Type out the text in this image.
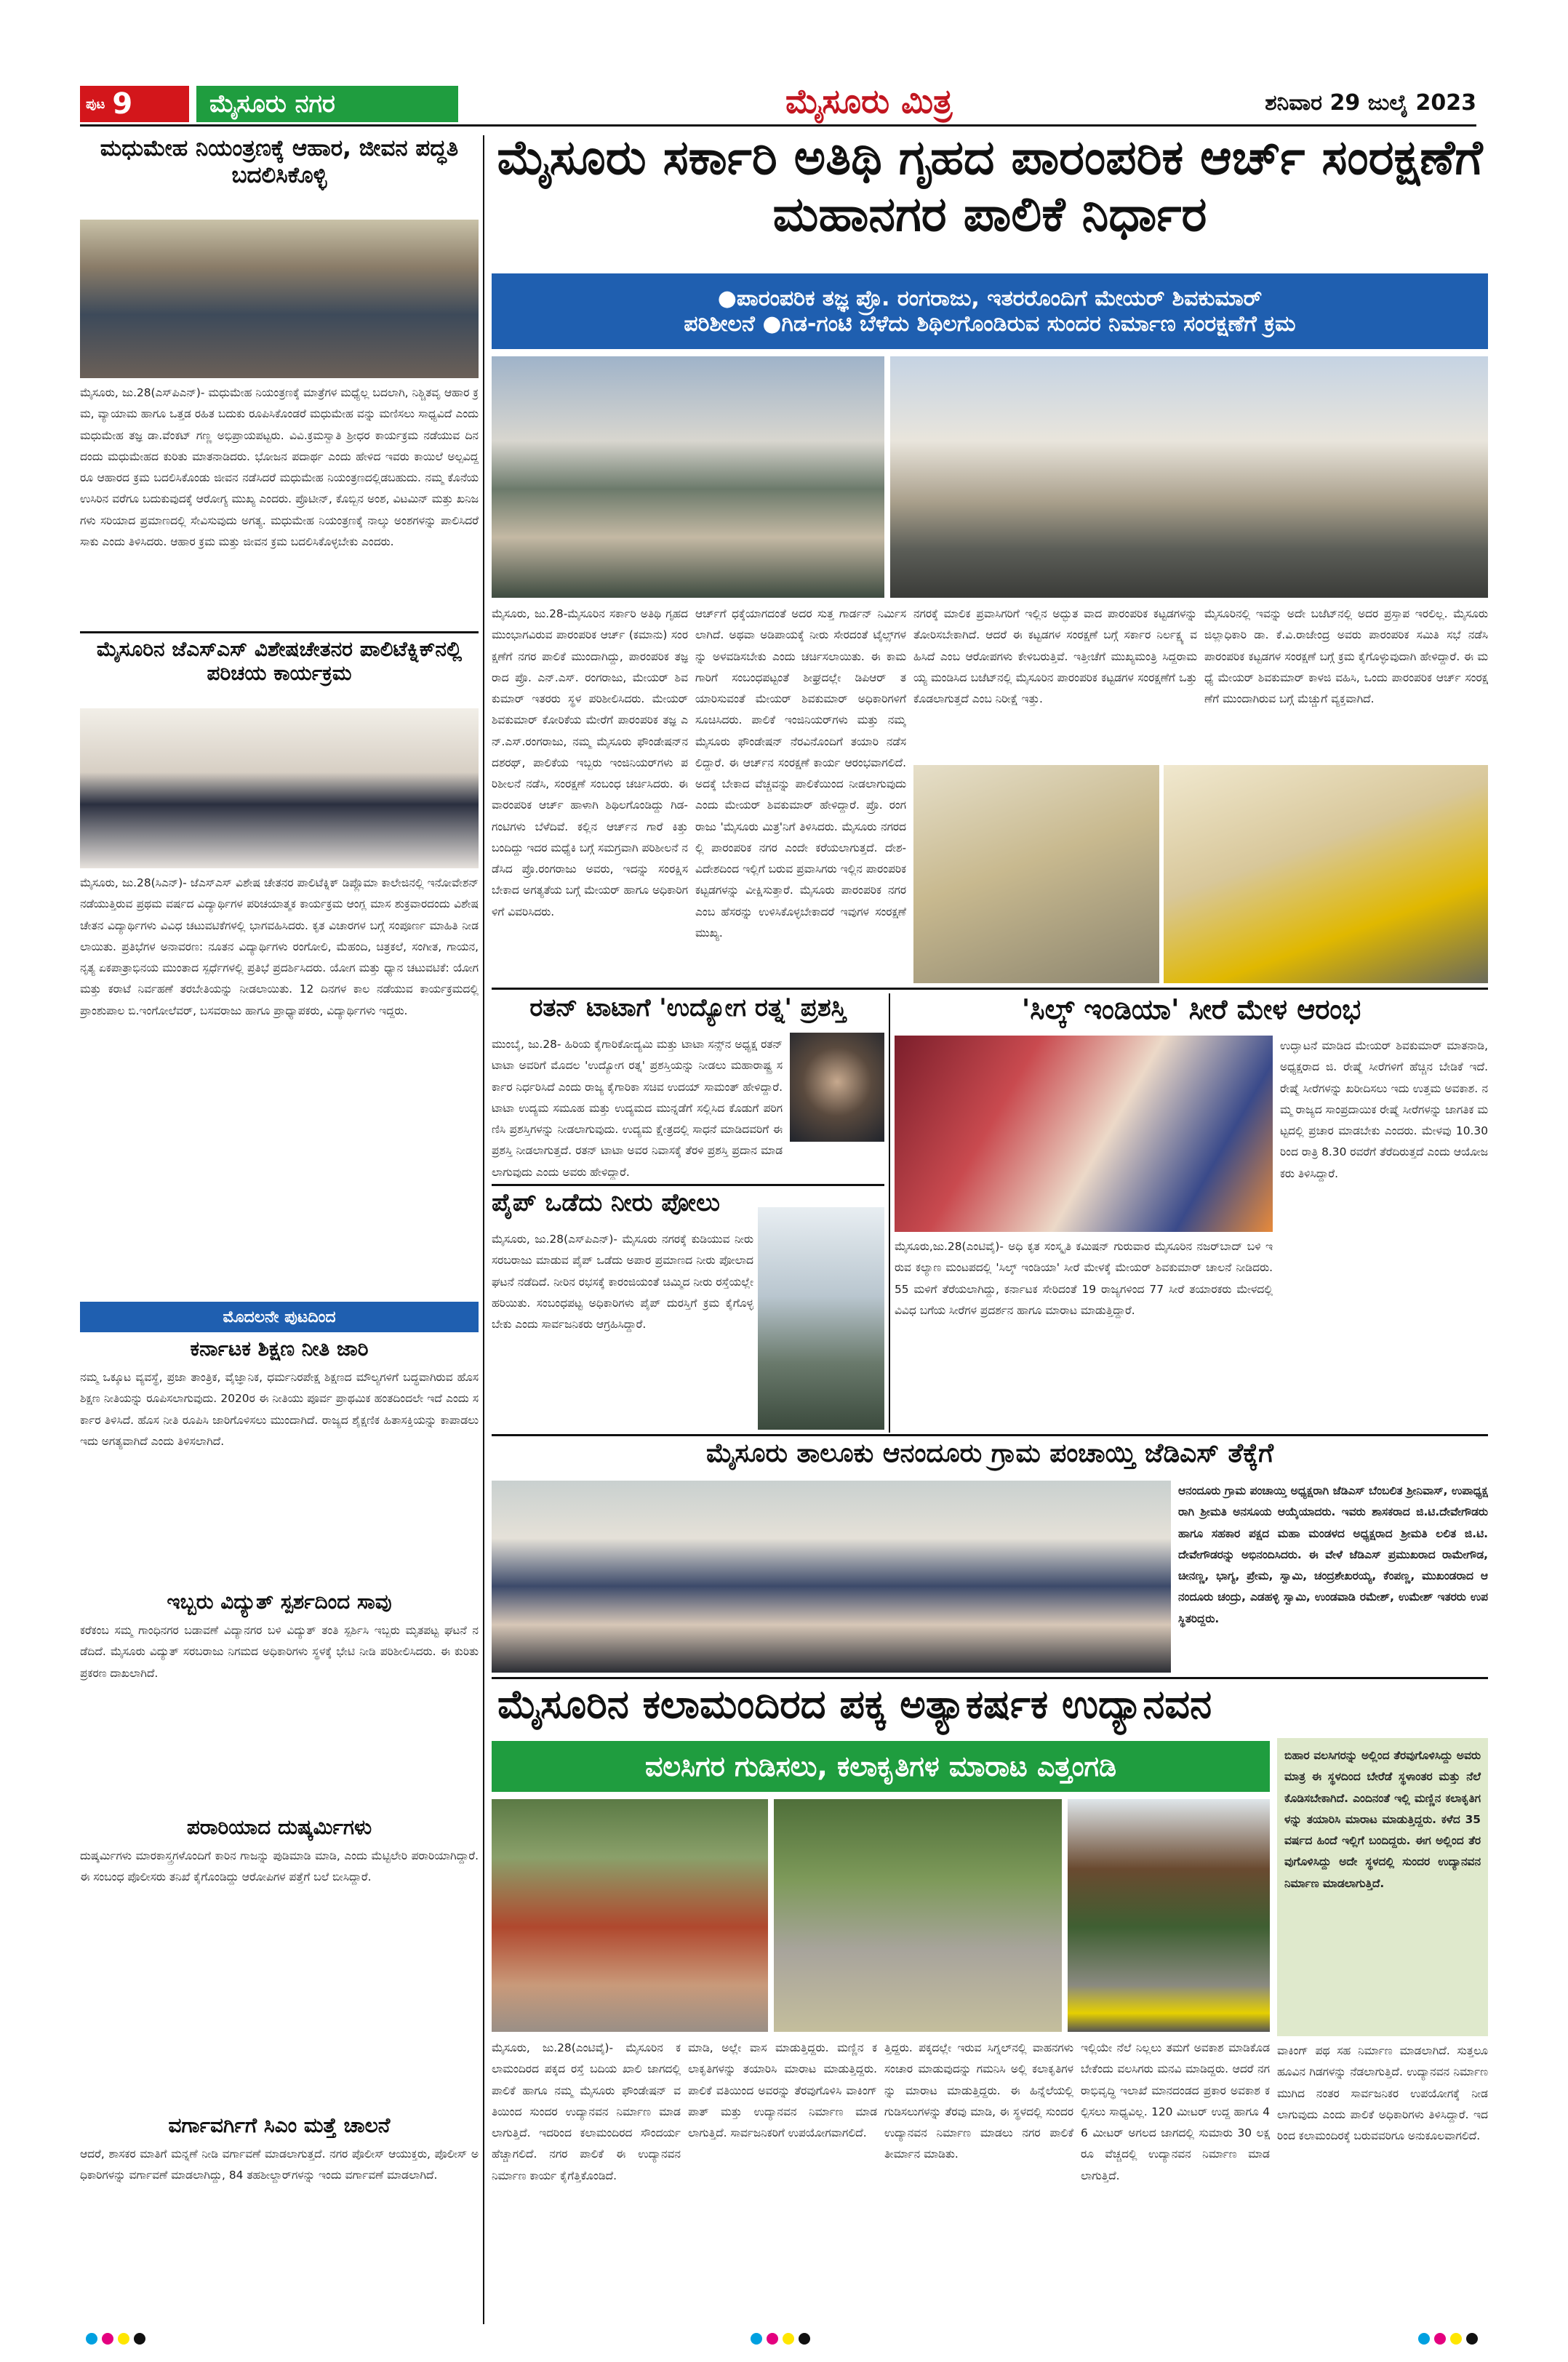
ಪುಟ 9	ಮೈಸೂರು ನಗರ	ಮೈಸೂರು ಮಿತ್ರ	ಶನಿವಾರ 29 ಜುಲೈ 2023
ಮಧುಮೇಹ ನಿಯಂತ್ರಣಕ್ಕೆ ಆಹಾರ, ಜೀವನ ಪದ್ಧತಿ ಬದಲಿಸಿಕೊಳ್ಳಿ
ಮೈಸೂರು, ಜು.28(ಎಸ್‌ಪಿಎನ್)- ಮಧುಮೇಹ ನಿಯಂತ್ರಣಕ್ಕೆ ಮಾತ್ರೆಗಳ ಮಧ್ಯೆಲ್ಲ ಬದಲಾಗಿ, ನಿಶ್ಚಿತವೃ ಆಹಾರ ಕ್ರಮ, ವ್ಯಾಯಾಮ ಹಾಗೂ ಒತ್ತಡ ರಹಿತ ಬದುಕು ರೂಪಿಸಿಕೊಂಡರೆ ಮಧುಮೇಹ ವನ್ನು ಮಣಿಸಲು ಸಾಧ್ಯವಿದೆ ಎಂದು ಮಧುಮೇಹ ತಜ್ಞ ಡಾ.ವೆಂಕಟ್ ಗಣ್ಣ ಅಭಿಪ್ರಾಯಪಟ್ಟರು. ವಿವಿ.ಕ್ರಮಸ್ವಾತಿ ಶ್ರೀಧರ ಕಾರ್ಯಕ್ರಮ ನಡೆಯುವ ದಿನದಂದು ಮಧುಮೇಹದ ಕುರಿತು ಮಾತನಾಡಿದರು. ಭೋಜನ ಪದಾರ್ಥ ಎಂದು ಹೇಳಿದ ಇವರು ಕಾಯಿಲೆ ಅಲ್ಪವಿದ್ದರೂ ಆಹಾರದ ಕ್ರಮ ಬದಲಿಸಿಕೊಂಡು ಜೀವನ ನಡೆಸಿದರೆ ಮಧುಮೇಹ ನಿಯಂತ್ರಣದಲ್ಲಿಡಬಹುದು. ನಮ್ಮ ಕೊನೆಯ ಉಸಿರಿನ ವರೆಗೂ ಬದುಕುವುದಕ್ಕೆ ಆರೋಗ್ಯ ಮುಖ್ಯ ಎಂದರು. ಪ್ರೊಟೀನ್, ಕೊಬ್ಬಿನ ಅಂಶ, ವಿಟಮಿನ್ ಮತ್ತು ಖನಿಜಗಳು ಸರಿಯಾದ ಪ್ರಮಾಣದಲ್ಲಿ ಸೇವಿಸುವುದು ಅಗತ್ಯ. ಮಧುಮೇಹ ನಿಯಂತ್ರಣಕ್ಕೆ ನಾಲ್ಕು ಅಂಶಗಳನ್ನು ಪಾಲಿಸಿದರೆ ಸಾಕು ಎಂದು ತಿಳಿಸಿದರು. ಆಹಾರ ಕ್ರಮ ಮತ್ತು ಜೀವನ ಕ್ರಮ ಬದಲಿಸಿಕೊಳ್ಳಬೇಕು ಎಂದರು.
ಮೈಸೂರಿನ ಜೆಎಸ್‌ಎಸ್ ವಿಶೇಷಚೇತನರ ಪಾಲಿಟೆಕ್ನಿಕ್‌ನಲ್ಲಿ ಪರಿಚಯ ಕಾರ್ಯಕ್ರಮ
ಮೈಸೂರು, ಜು.28(ಸಿಎನ್)- ಜೆಎಸ್‌ಎಸ್ ವಿಶೇಷ ಚೇತನರ ಪಾಲಿಟೆಕ್ನಿಕ್ ಡಿಪ್ಲೊಮಾ ಕಾಲೇಜಿನಲ್ಲಿ ಇನೋವೇಶನ್ ನಡೆಯುತ್ತಿರುವ ಪ್ರಥಮ ವರ್ಷದ ವಿದ್ಯಾರ್ಥಿಗಳ ಪರಿಚಯಾತ್ಮಕ ಕಾರ್ಯಕ್ರಮ ಆಂಗ್ಲ ಮಾಸ ಶುಕ್ರವಾರದಂದು ವಿಶೇಷ ಚೇತನ ವಿದ್ಯಾರ್ಥಿಗಳು ವಿವಿಧ ಚಟುವಟಿಕೆಗಳಲ್ಲಿ ಭಾಗವಹಿಸಿದರು. ಕೃತ ವಿಚಾರಗಳ ಬಗ್ಗೆ ಸಂಪೂರ್ಣ ಮಾಹಿತಿ ನೀಡಲಾಯಿತು. ಪ್ರತಿಭೆಗಳ ಅನಾವರಣ: ನೂತನ ವಿದ್ಯಾರ್ಥಿಗಳು ರಂಗೋಲಿ, ಮೆಹಂದಿ, ಚಿತ್ರಕಲೆ, ಸಂಗೀತ, ಗಾಯನ, ನೃತ್ಯ ಏಕಪಾತ್ರಾಭಿನಯ ಮುಂತಾದ ಸ್ಪರ್ಧೆಗಳಲ್ಲಿ ಪ್ರತಿಭೆ ಪ್ರದರ್ಶಿಸಿದರು. ಯೋಗ ಮತ್ತು ಧ್ಯಾನ ಚಟುವಟಿಕೆ: ಯೋಗ ಮತ್ತು ಕರಾಟೆ ನಿರ್ವಹಣೆ ತರಬೇತಿಯನ್ನು ನೀಡಲಾಯಿತು. 12 ದಿನಗಳ ಕಾಲ ನಡೆಯುವ ಕಾರ್ಯಕ್ರಮದಲ್ಲಿ ಪ್ರಾಂಶುಪಾಲ ಬಿ.ಇಂಗೋಲೆವರ್, ಬಸವರಾಜು ಹಾಗೂ ಪ್ರಾಧ್ಯಾಪಕರು, ವಿದ್ಯಾರ್ಥಿಗಳು ಇದ್ದರು.
ಮೊದಲನೇ ಪುಟದಿಂದ
ಕರ್ನಾಟಕ ಶಿಕ್ಷಣ ನೀತಿ ಜಾರಿ
ನಮ್ಮ ಒಕ್ಕೂಟ ವ್ಯವಸ್ಥೆ, ಪ್ರಜಾ ತಾಂತ್ರಿಕ, ವೈಜ್ಞಾನಿಕ, ಧರ್ಮನಿರಪೇಕ್ಷ ಶಿಕ್ಷಣದ ಮೌಲ್ಯಗಳಿಗೆ ಬದ್ಧವಾಗಿರುವ ಹೊಸ ಶಿಕ್ಷಣ ನೀತಿಯನ್ನು ರೂಪಿಸಲಾಗುವುದು. 2020ರ ಈ ನೀತಿಯು ಪೂರ್ವ ಪ್ರಾಥಮಿಕ ಹಂತದಿಂದಲೇ ಇದೆ ಎಂದು ಸರ್ಕಾರ ತಿಳಿಸಿದೆ. ಹೊಸ ನೀತಿ ರೂಪಿಸಿ ಜಾರಿಗೊಳಿಸಲು ಮುಂದಾಗಿದೆ. ರಾಜ್ಯದ ಶೈಕ್ಷಣಿಕ ಹಿತಾಸಕ್ತಿಯನ್ನು ಕಾಪಾಡಲು ಇದು ಅಗತ್ಯವಾಗಿದೆ ಎಂದು ತಿಳಿಸಲಾಗಿದೆ.
ಇಬ್ಬರು ವಿದ್ಯುತ್ ಸ್ಪರ್ಶದಿಂದ ಸಾವು
ಕರೆಕಂಬ ಸಮ್ಮ ಗಾಂಧಿನಗರ ಬಡಾವಣೆ ವಿದ್ಯಾನಗರ ಬಳಿ ವಿದ್ಯುತ್ ತಂತಿ ಸ್ಪರ್ಶಿಸಿ ಇಬ್ಬರು ಮೃತಪಟ್ಟ ಘಟನೆ ನಡೆದಿದೆ. ಮೈಸೂರು ವಿದ್ಯುತ್ ಸರಬರಾಜು ನಿಗಮದ ಅಧಿಕಾರಿಗಳು ಸ್ಥಳಕ್ಕೆ ಭೇಟಿ ನೀಡಿ ಪರಿಶೀಲಿಸಿದರು. ಈ ಕುರಿತು ಪ್ರಕರಣ ದಾಖಲಾಗಿದೆ.
ಪರಾರಿಯಾದ ದುಷ್ಕರ್ಮಿಗಳು
ದುಷ್ಕರ್ಮಿಗಳು ಮಾರಕಾಸ್ತ್ರಗಳೊಂದಿಗೆ ಕಾರಿನ ಗಾಜನ್ನು ಪುಡಿಮಾಡಿ ಮಾಡಿ, ಎಂದು ಮೆಟ್ಟಿಲೇರಿ ಪರಾರಿಯಾಗಿದ್ದಾರೆ. ಈ ಸಂಬಂಧ ಪೊಲೀಸರು ತನಿಖೆ ಕೈಗೊಂಡಿದ್ದು ಆರೋಪಿಗಳ ಪತ್ತೆಗೆ ಬಲೆ ಬೀಸಿದ್ದಾರೆ.
ವರ್ಗಾವರ್ಗಿಗೆ ಸಿಎಂ ಮತ್ತೆ ಚಾಲನೆ
ಆದರೆ, ಶಾಸಕರ ಮಾತಿಗೆ ಮನ್ನಣೆ ನೀಡಿ ವರ್ಗಾವಣೆ ಮಾಡಲಾಗುತ್ತದೆ. ನಗರ ಪೊಲೀಸ್ ಆಯುಕ್ತರು, ಪೊಲೀಸ್ ಅಧಿಕಾರಿಗಳನ್ನು ವರ್ಗಾವಣೆ ಮಾಡಲಾಗಿದ್ದು, 84 ತಹಶೀಲ್ದಾರ್‌ಗಳನ್ನು ಇಂದು ವರ್ಗಾವಣೆ ಮಾಡಲಾಗಿದೆ.
ಮೈಸೂರು ಸರ್ಕಾರಿ ಅತಿಥಿ ಗೃಹದ ಪಾರಂಪರಿಕ ಆರ್ಚ್ ಸಂರಕ್ಷಣೆಗೆ ಮಹಾನಗರ ಪಾಲಿಕೆ ನಿರ್ಧಾರ
●ಪಾರಂಪರಿಕ ತಜ್ಞ ಪ್ರೊ. ರಂಗರಾಜು, ಇತರರೊಂದಿಗೆ ಮೇಯರ್ ಶಿವಕುಮಾರ್
ಪರಿಶೀಲನೆ ●ಗಿಡ-ಗಂಟಿ ಬೆಳೆದು ಶಿಥಿಲಗೊಂಡಿರುವ ಸುಂದರ ನಿರ್ಮಾಣ ಸಂರಕ್ಷಣೆಗೆ ಕ್ರಮ
ಮೈಸೂರು, ಜು.28-ಮೈಸೂರಿನ ಸರ್ಕಾರಿ ಅತಿಥಿ ಗೃಹದ ಮುಂಭಾಗವಿರುವ ಪಾರಂಪರಿಕ ಆರ್ಚ್ (ಕಮಾನು) ಸಂರಕ್ಷಣೆಗೆ ನಗರ ಪಾಲಿಕೆ ಮುಂದಾಗಿದ್ದು, ಪಾರಂಪರಿಕ ತಜ್ಞರಾದ ಪ್ರೊ. ಎನ್.ಎಸ್. ರಂಗರಾಜು, ಮೇಯರ್ ಶಿವಕುಮಾರ್ ಇತರರು ಸ್ಥಳ ಪರಿಶೀಲಿಸಿದರು. ಮೇಯರ್ ಶಿವಕುಮಾರ್ ಕೋರಿಕೆಯ ಮೇರೆಗೆ ಪಾರಂಪರಿಕ ತಜ್ಞ ಎನ್.ಎಸ್.ರಂಗರಾಜು, ನಮ್ಮ ಮೈಸೂರು ಫೌಂಡೇಷನ್‌ನ ದಶರಥ್, ಪಾಲಿಕೆಯ ಇಬ್ಬರು ಇಂಜಿನಿಯರ್‌ಗಳು ಪರಿಶೀಲನೆ ನಡೆಸಿ, ಸಂರಕ್ಷಣೆ ಸಂಬಂಧ ಚರ್ಚಿಸಿದರು. ಈ ವಾರಂಪರಿಕ ಆರ್ಚ್ ಹಾಳಾಗಿ ಶಿಥಿಲಗೊಂಡಿದ್ದು ಗಿಡ-ಗಂಟಿಗಳು ಬೆಳೆದಿವೆ. ಕಲ್ಲಿನ ಆರ್ಚ್‌ನ ಗಾರೆ ಕಿತ್ತು ಬಂದಿದ್ದು ಇದರ ಮಧ್ಯೆಕಿ ಬಗ್ಗೆ ಸಮಗ್ರವಾಗಿ ಪರಿಶೀಲನೆ ನಡೆಸಿದ ಪ್ರೊ.ರಂಗರಾಜು ಅವರು, ಇದನ್ನು ಸಂರಕ್ಷಿಸಬೇಕಾದ ಅಗತ್ಯತೆಯ ಬಗ್ಗೆ ಮೇಯರ್ ಹಾಗೂ ಅಧಿಕಾರಿಗಳಿಗೆ ವಿವರಿಸಿದರು.
ಆರ್ಚ್‌ಗೆ ಧಕ್ಕೆಯಾಗದಂತೆ ಅದರ ಸುತ್ತ ಗಾರ್ಡನ್ ನಿರ್ಮಿಸಲಾಗಿದೆ. ಅಥವಾ ಅಡಿಪಾಯಕ್ಕೆ ನೀರು ಸೇರದಂತೆ ಟೈಲ್ಸ್‌ಗಳನ್ನು ಅಳವಡಿಸಬೇಕು ಎಂದು ಚರ್ಚಿಸಲಾಯಿತು. ಈ ಕಾಮಗಾರಿಗೆ ಸಂಬಂಧಪಟ್ಟಂತೆ ಶೀಘ್ರದಲ್ಲೇ ಡಿಪಿಆರ್ ತಯಾರಿಸುವಂತೆ ಮೇಯರ್ ಶಿವಕುಮಾರ್ ಅಧಿಕಾರಿಗಳಿಗೆ ಸೂಚಿಸಿದರು. ಪಾಲಿಕೆ ಇಂಜಿನಿಯರ್‌ಗಳು ಮತ್ತು ನಮ್ಮ ಮೈಸೂರು ಫೌಂಡೇಷನ್ ನೆರವಿನೊಂದಿಗೆ ತಯಾರಿ ನಡೆಸಲಿದ್ದಾರೆ. ಈ ಆರ್ಚ್‌ನ ಸಂರಕ್ಷಣೆ ಕಾರ್ಯ ಆರಂಭವಾಗಲಿದೆ. ಅದಕ್ಕೆ ಬೇಕಾದ ವೆಚ್ಚವನ್ನು ಪಾಲಿಕೆಯಿಂದ ನೀಡಲಾಗುವುದು ಎಂದು ಮೇಯರ್ ಶಿವಕುಮಾರ್ ಹೇಳಿದ್ದಾರೆ. ಪ್ರೊ. ರಂಗರಾಜು 'ಮೈಸೂರು ಮಿತ್ರ'ನಿಗೆ ತಿಳಿಸಿದರು. ಮೈಸೂರು ನಗರದಲ್ಲಿ ಪಾರಂಪರಿಕ ನಗರ ಎಂದೇ ಕರೆಯಲಾಗುತ್ತದೆ. ದೇಶ-ವಿದೇಶದಿಂದ ಇಲ್ಲಿಗೆ ಬರುವ ಪ್ರವಾಸಿಗರು ಇಲ್ಲಿನ ಪಾರಂಪರಿಕ ಕಟ್ಟಡಗಳನ್ನು ವೀಕ್ಷಿಸುತ್ತಾರೆ. ಮೈಸೂರು ಪಾರಂಪರಿಕ ನಗರ ಎಂಬ ಹೆಸರನ್ನು ಉಳಿಸಿಕೊಳ್ಳಬೇಕಾದರೆ ಇವುಗಳ ಸಂರಕ್ಷಣೆ ಮುಖ್ಯ.
ನಗರಕ್ಕೆ ಮಾಲಿಕ ಪ್ರವಾಸಿಗರಿಗೆ ಇಲ್ಲಿನ ಅದ್ಭುತ ವಾದ ಪಾರಂಪರಿಕ ಕಟ್ಟಡಗಳನ್ನು ತೋರಿಸಬೇಕಾಗಿದೆ. ಆದರೆ ಈ ಕಟ್ಟಡಗಳ ಸಂರಕ್ಷಣೆ ಬಗ್ಗೆ ಸರ್ಕಾರ ನಿರ್ಲಕ್ಷ್ಯ ವಹಿಸಿದೆ ಎಂಬ ಆರೋಪಗಳು ಕೇಳಿಬರುತ್ತಿವೆ. ಇತ್ತೀಚೆಗೆ ಮುಖ್ಯಮಂತ್ರಿ ಸಿದ್ದರಾಮಯ್ಯ ಮಂಡಿಸಿದ ಬಜೆಟ್‌ನಲ್ಲಿ ಮೈಸೂರಿನ ಪಾರಂಪರಿಕ ಕಟ್ಟಡಗಳ ಸಂರಕ್ಷಣೆಗೆ ಒತ್ತು ಕೊಡಲಾಗುತ್ತದೆ ಎಂಬ ನಿರೀಕ್ಷೆ ಇತ್ತು.
ಮೈಸೂರಿನಲ್ಲಿ ಇವನ್ನು ಅದೇ ಬಜೆಟ್‌ನಲ್ಲಿ ಅದರ ಪ್ರಸ್ತಾಪ ಇರಲಿಲ್ಲ. ಮೈಸೂರು ಜಿಲ್ಲಾಧಿಕಾರಿ ಡಾ. ಕೆ.ವಿ.ರಾಜೇಂದ್ರ ಅವರು ಪಾರಂಪರಿಕ ಸಮಿತಿ ಸಭೆ ನಡೆಸಿ ಪಾರಂಪರಿಕ ಕಟ್ಟಡಗಳ ಸಂರಕ್ಷಣೆ ಬಗ್ಗೆ ಕ್ರಮ ಕೈಗೊಳ್ಳುವುದಾಗಿ ಹೇಳಿದ್ದಾರೆ. ಈ ಮಧ್ಯೆ ಮೇಯರ್ ಶಿವಕುಮಾರ್ ಕಾಳಜಿ ವಹಿಸಿ, ಒಂದು ಪಾರಂಪರಿಕ ಆರ್ಚ್ ಸಂರಕ್ಷಣೆಗೆ ಮುಂದಾಗಿರುವ ಬಗ್ಗೆ ಮೆಚ್ಚುಗೆ ವ್ಯಕ್ತವಾಗಿದೆ.
ರತನ್ ಟಾಟಾಗೆ 'ಉದ್ಯೋಗ ರತ್ನ' ಪ್ರಶಸ್ತಿ
ಮುಂಬೈ, ಜು.28- ಹಿರಿಯ ಕೈಗಾರಿಕೋದ್ಯಮಿ ಮತ್ತು ಟಾಟಾ ಸನ್ಸ್‌ನ ಅಧ್ಯಕ್ಷ ರತನ್ ಟಾಟಾ ಅವರಿಗೆ ಮೊದಲ 'ಉದ್ಯೋಗ ರತ್ನ' ಪ್ರಶಸ್ತಿಯನ್ನು ನೀಡಲು ಮಹಾರಾಷ್ಟ್ರ ಸರ್ಕಾರ ನಿರ್ಧರಿಸಿದೆ ಎಂದು ರಾಜ್ಯ ಕೈಗಾರಿಕಾ ಸಚಿವ ಉದಯ್ ಸಾಮಂತ್ ಹೇಳಿದ್ದಾರೆ. ಟಾಟಾ ಉದ್ಯಮ ಸಮೂಹ ಮತ್ತು ಉದ್ಯಮದ ಮುನ್ನಡೆಗೆ ಸಲ್ಲಿಸಿದ ಕೊಡುಗೆ ಪರಿಗಣಿಸಿ ಪ್ರಶಸ್ತಿಗಳನ್ನು ನೀಡಲಾಗುವುದು. ಉದ್ಯಮ ಕ್ಷೇತ್ರದಲ್ಲಿ ಸಾಧನೆ ಮಾಡಿದವರಿಗೆ ಈ ಪ್ರಶಸ್ತಿ ನೀಡಲಾಗುತ್ತದೆ. ರತನ್ ಟಾಟಾ ಅವರ ನಿವಾಸಕ್ಕೆ ತೆರಳಿ ಪ್ರಶಸ್ತಿ ಪ್ರದಾನ ಮಾಡಲಾಗುವುದು ಎಂದು ಅವರು ಹೇಳಿದ್ದಾರೆ.
ಪೈಪ್ ಒಡೆದು ನೀರು ಪೋಲು
ಮೈಸೂರು, ಜು.28(ಎಸ್‌ಪಿಎನ್)- ಮೈಸೂರು ನಗರಕ್ಕೆ ಕುಡಿಯುವ ನೀರು ಸರಬರಾಜು ಮಾಡುವ ಪೈಪ್ ಒಡೆದು ಅಪಾರ ಪ್ರಮಾಣದ ನೀರು ಪೋಲಾದ ಘಟನೆ ನಡೆದಿದೆ. ನೀರಿನ ರಭಸಕ್ಕೆ ಕಾರಂಜಿಯಂತೆ ಚಿಮ್ಮಿದ ನೀರು ರಸ್ತೆಯಲ್ಲೇ ಹರಿಯಿತು. ಸಂಬಂಧಪಟ್ಟ ಅಧಿಕಾರಿಗಳು ಪೈಪ್ ದುರಸ್ತಿಗೆ ಕ್ರಮ ಕೈಗೊಳ್ಳಬೇಕು ಎಂದು ಸಾರ್ವಜನಿಕರು ಆಗ್ರಹಿಸಿದ್ದಾರೆ.
'ಸಿಲ್ಕ್ ಇಂಡಿಯಾ' ಸೀರೆ ಮೇಳ ಆರಂಭ
ಮೈಸೂರು,ಜು.28(ಎಂಟಿವೈ)- ಅಧಿ ಕೃತ ಸಂಸ್ಕೃತಿ ಕಮಿಷನ್ ಗುರುವಾರ ಮೈಸೂರಿನ ನಜರ್‌ಬಾದ್ ಬಳಿ ಇರುವ ಕಲ್ಯಾಣ ಮಂಟಪದಲ್ಲಿ 'ಸಿಲ್ಕ್ ಇಂಡಿಯಾ' ಸೀರೆ ಮೇಳಕ್ಕೆ ಮೇಯರ್ ಶಿವಕುಮಾರ್ ಚಾಲನೆ ನೀಡಿದರು. 55 ಮಳಿಗೆ ತೆರೆಯಲಾಗಿದ್ದು, ಕರ್ನಾಟಕ ಸೇರಿದಂತೆ 19 ರಾಜ್ಯಗಳಿಂದ 77 ಸೀರೆ ತಯಾರಕರು ಮೇಳದಲ್ಲಿ ವಿವಿಧ ಬಗೆಯ ಸೀರೆಗಳ ಪ್ರದರ್ಶನ ಹಾಗೂ ಮಾರಾಟ ಮಾಡುತ್ತಿದ್ದಾರೆ.
ಉದ್ಘಾಟನೆ ಮಾಡಿದ ಮೇಯರ್ ಶಿವಕುಮಾರ್ ಮಾತನಾಡಿ, ಅಧ್ಯಕ್ಷರಾದ ಜಿ. ರೇಷ್ಮೆ ಸೀರೆಗಳಿಗೆ ಹೆಚ್ಚಿನ ಬೇಡಿಕೆ ಇದೆ. ರೇಷ್ಮೆ ಸೀರೆಗಳನ್ನು ಖರೀದಿಸಲು ಇದು ಉತ್ತಮ ಅವಕಾಶ. ನಮ್ಮ ರಾಜ್ಯದ ಸಾಂಪ್ರದಾಯಿಕ ರೇಷ್ಮೆ ಸೀರೆಗಳನ್ನು ಜಾಗತಿಕ ಮಟ್ಟದಲ್ಲಿ ಪ್ರಚಾರ ಮಾಡಬೇಕು ಎಂದರು. ಮೇಳವು 10.30 ರಿಂದ ರಾತ್ರಿ 8.30 ರವರೆಗೆ ತೆರೆದಿರುತ್ತದೆ ಎಂದು ಆಯೋಜಕರು ತಿಳಿಸಿದ್ದಾರೆ.
ಮೈಸೂರು ತಾಲೂಕು ಆನಂದೂರು ಗ್ರಾಮ ಪಂಚಾಯ್ತಿ ಜೆಡಿಎಸ್ ತೆಕ್ಕೆಗೆ
ಆನಂದೂರು ಗ್ರಾಮ ಪಂಚಾಯ್ತಿ ಅಧ್ಯಕ್ಷರಾಗಿ ಜೆಡಿಎಸ್ ಬೆಂಬಲಿತ ಶ್ರೀನಿವಾಸ್, ಉಪಾಧ್ಯಕ್ಷರಾಗಿ ಶ್ರೀಮತಿ ಅನಸೂಯ ಆಯ್ಕೆಯಾದರು. ಇವರು ಶಾಸಕರಾದ ಜಿ.ಟಿ.ದೇವೇಗೌಡರು ಹಾಗೂ ಸಹಕಾರ ಪಕ್ಷದ ಮಹಾ ಮಂಡಳದ ಅಧ್ಯಕ್ಷರಾದ ಶ್ರೀಮತಿ ಲಲಿತ ಜಿ.ಟಿ.ದೇವೇಗೌಡರನ್ನು ಅಭಿನಂದಿಸಿದರು. ಈ ವೇಳೆ ಜೆಡಿಎಸ್ ಪ್ರಮುಖರಾದ ರಾಮೇಗೌಡ, ಚೀನಣ್ಣ, ಭಾಗ್ಯ, ಪ್ರೇಮ, ಸ್ವಾಮಿ, ಚಂದ್ರಶೇಖರಯ್ಯ, ಕೆಂಪಣ್ಣ, ಮುಖಂಡರಾದ ಆನಂದೂರು ಚಂದ್ರು, ಎಡಹಳ್ಳಿ ಸ್ವಾಮಿ, ಉಂಡವಾಡಿ ರಮೇಶ್, ಉಮೇಶ್ ಇತರರು ಉಪಸ್ಥಿತರಿದ್ದರು.
ಮೈಸೂರಿನ ಕಲಾಮಂದಿರದ ಪಕ್ಕ ಅತ್ಯಾಕರ್ಷಕ ಉದ್ಯಾನವನ
ವಲಸಿಗರ ಗುಡಿಸಲು, ಕಲಾಕೃತಿಗಳ ಮಾರಾಟ ಎತ್ತಂಗಡಿ	ಬಿಹಾರ ವಲಸಿಗರನ್ನು ಅಲ್ಲಿಂದ ತೆರವುಗೊಳಿಸಿದ್ದು ಅವರು ಮಾತ್ರ ಈ ಸ್ಥಳದಿಂದ ಬೇರೆಡೆ ಸ್ಥಳಾಂತರ ಮತ್ತು ನೆಲೆ ಕೊಡಿಸಬೇಕಾಗಿದೆ. ಎಂದಿನಂತೆ ಇಲ್ಲಿ ಮಣ್ಣಿನ ಕಲಾಕೃತಿಗಳನ್ನು ತಯಾರಿಸಿ ಮಾರಾಟ ಮಾಡುತ್ತಿದ್ದರು. ಕಳೆದ 35 ವರ್ಷದ ಹಿಂದೆ ಇಲ್ಲಿಗೆ ಬಂದಿದ್ದರು. ಈಗ ಅಲ್ಲಿಂದ ತೆರವುಗೊಳಿಸಿದ್ದು ಅದೇ ಸ್ಥಳದಲ್ಲಿ ಸುಂದರ ಉದ್ಯಾನವನ ನಿರ್ಮಾಣ ಮಾಡಲಾಗುತ್ತಿದೆ.
ಮೈಸೂರು, ಜು.28(ಎಂಟಿವೈ)- ಮೈಸೂರಿನ ಕಲಾಮಂದಿರದ ಪಕ್ಕದ ರಸ್ತೆ ಬದಿಯ ಖಾಲಿ ಜಾಗದಲ್ಲಿ ಪಾಲಿಕೆ ಹಾಗೂ ನಮ್ಮ ಮೈಸೂರು ಫೌಂಡೇಷನ್ ವತಿಯಿಂದ ಸುಂದರ ಉದ್ಯಾನವನ ನಿರ್ಮಾಣ ಮಾಡಲಾಗುತ್ತಿದೆ. ಇದರಿಂದ ಕಲಾಮಂದಿರದ ಸೌಂದರ್ಯ ಹೆಚ್ಚಾಗಲಿದೆ. ನಗರ ಪಾಲಿಕೆ ಈ ಉದ್ಯಾನವನ ನಿರ್ಮಾಣ ಕಾರ್ಯ ಕೈಗೆತ್ತಿಕೊಂಡಿದೆ.
ಮಾಡಿ, ಅಲ್ಲೇ ವಾಸ ಮಾಡುತ್ತಿದ್ದರು. ಮಣ್ಣಿನ ಕಲಾಕೃತಿಗಳನ್ನು ತಯಾರಿಸಿ ಮಾರಾಟ ಮಾಡುತ್ತಿದ್ದರು. ಪಾಲಿಕೆ ವತಿಯಿಂದ ಅವರನ್ನು ತೆರವುಗೊಳಿಸಿ ವಾಕಿಂಗ್ ಪಾತ್ ಮತ್ತು ಉದ್ಯಾನವನ ನಿರ್ಮಾಣ ಮಾಡಲಾಗುತ್ತಿದೆ. ಸಾರ್ವಜನಿಕರಿಗೆ ಉಪಯೋಗವಾಗಲಿದೆ.
ತ್ತಿದ್ದರು. ಪಕ್ಕದಲ್ಲೇ ಇರುವ ಸಿಗ್ನಲ್‌ನಲ್ಲಿ ವಾಹನಗಳು ಸಂಚಾರ ಮಾಡುವುದನ್ನು ಗಮನಿಸಿ ಅಲ್ಲಿ ಕಲಾಕೃತಿಗಳನ್ನು ಮಾರಾಟ ಮಾಡುತ್ತಿದ್ದರು. ಈ ಹಿನ್ನೆಲೆಯಲ್ಲಿ ಗುಡಿಸಲುಗಳನ್ನು ತೆರವು ಮಾಡಿ, ಈ ಸ್ಥಳದಲ್ಲಿ ಸುಂದರ ಉದ್ಯಾನವನ ನಿರ್ಮಾಣ ಮಾಡಲು ನಗರ ಪಾಲಿಕೆ ತೀರ್ಮಾನ ಮಾಡಿತು.
ಇಲ್ಲಿಯೇ ನೆಲೆ ನಿಲ್ಲಲು ತಮಗೆ ಅವಕಾಶ ಮಾಡಿಕೊಡಬೇಕೆಂದು ವಲಸಿಗರು ಮನವಿ ಮಾಡಿದ್ದರು. ಆದರೆ ನಗರಾಭಿವೃದ್ಧಿ ಇಲಾಖೆ ಮಾನದಂಡದ ಪ್ರಕಾರ ಅವಕಾಶ ಕಲ್ಪಿಸಲು ಸಾಧ್ಯವಿಲ್ಲ. 120 ಮೀಟರ್ ಉದ್ದ ಹಾಗೂ 46 ಮೀಟರ್ ಅಗಲದ ಜಾಗದಲ್ಲಿ ಸುಮಾರು 30 ಲಕ್ಷ ರೂ ವೆಚ್ಚದಲ್ಲಿ ಉದ್ಯಾನವನ ನಿರ್ಮಾಣ ಮಾಡಲಾಗುತ್ತಿದೆ.
ವಾಕಿಂಗ್ ಪಥ ಸಹ ನಿರ್ಮಾಣ ಮಾಡಲಾಗಿದೆ. ಸುತ್ತಲೂ ಹೂವಿನ ಗಿಡಗಳನ್ನು ನೆಡಲಾಗುತ್ತಿದೆ. ಉದ್ಯಾನವನ ನಿರ್ಮಾಣ ಮುಗಿದ ನಂತರ ಸಾರ್ವಜನಿಕರ ಉಪಯೋಗಕ್ಕೆ ನೀಡಲಾಗುವುದು ಎಂದು ಪಾಲಿಕೆ ಅಧಿಕಾರಿಗಳು ತಿಳಿಸಿದ್ದಾರೆ. ಇದರಿಂದ ಕಲಾಮಂದಿರಕ್ಕೆ ಬರುವವರಿಗೂ ಅನುಕೂಲವಾಗಲಿದೆ.
